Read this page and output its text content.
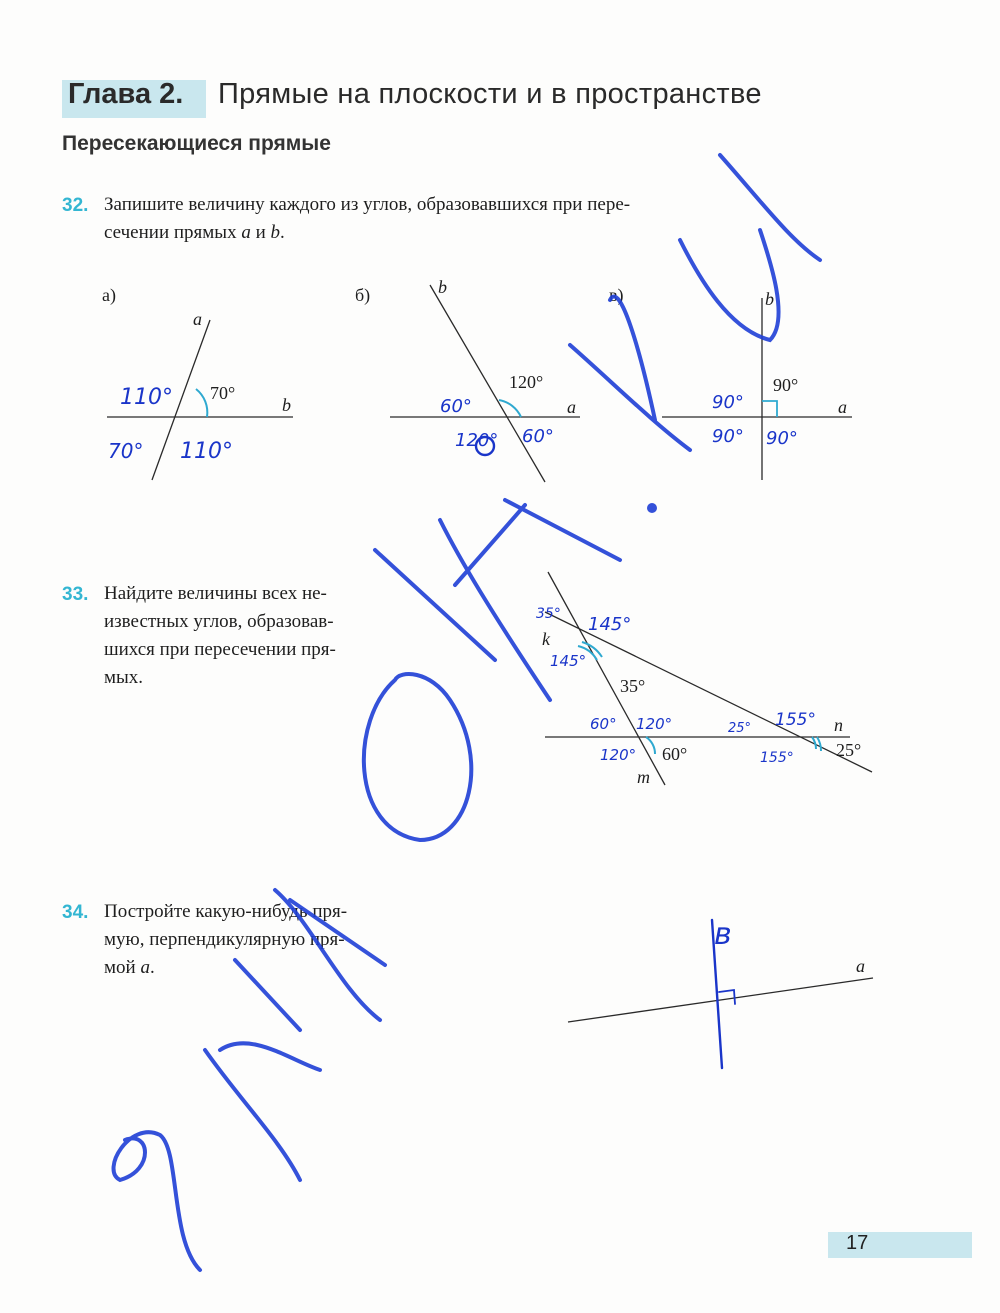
Глава 2. Прямые на плоскости и в пространстве
Пересекающиеся прямые
32. Запишите величину каждого из углов, образовавшихся при пере-
сечении прямых a и b.
33. Найдите величины всех не-
известных углов, образовав-
шихся при пересечении пря-
мых.
34. Постройте какую-нибудь пря-
мую, перпендикулярную пря-
мой a.
а)
a
b
70°
б)	b
a
120°
в)	b
a
90°
k
n
m
35°
60°	25°
a
110°
70° 110°
60°
120° 60°
90°
90° 90°
35° 145°
145°
60° 120°
120°
25° 155°
155°
в
17
